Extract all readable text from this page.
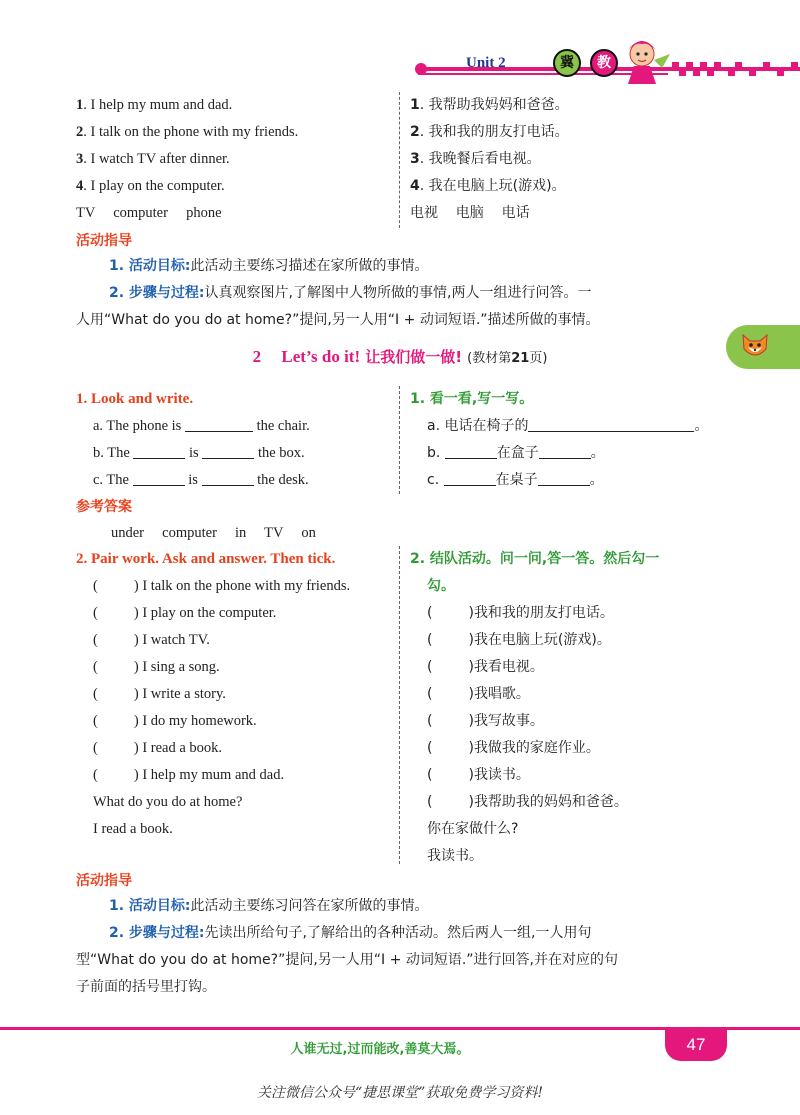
Unit 2	冀	教
1. I help my mum and dad.
2. I talk on the phone with my friends.
3. I watch TV after dinner.
4. I play on the computer.
TV     computer     phone
1. 我帮助我妈妈和爸爸。
2. 我和我的朋友打电话。
3. 我晚餐后看电视。
4. 我在电脑上玩(游戏)。
电视    电脑    电话
活动指导
1. 活动目标:此活动主要练习描述在家所做的事情。
2. 步骤与过程:认真观察图片,了解图中人物所做的事情,两人一组进行问答。一
人用“What do you do at home?”提问,另一人用“I + 动词短语.”描述所做的事情。
2 Let’s do it! 让我们做一做! (教材第21页)
1. Look and write.	1. 看一看,写一写。
a. The phone is	the chair.
b. The	is	the box.
c. The	is	the desk.
a. 电话在椅子的	。
b.	在盒子	。
c.	在桌子	。
参考答案
under     computer     in     TV     on
2. Pair work. Ask and answer. Then tick.	2. 结队活动。问一问,答一答。然后勾一
勾。
( ) I talk on the phone with my friends.
( ) I play on the computer.
( ) I watch TV.
( ) I sing a song.
( ) I write a story.
( ) I do my homework.
( ) I read a book.
( ) I help my mum and dad.
What do you do at home?
I read a book.
(	)我和我的朋友打电话。
(	)我在电脑上玩(游戏)。
(	)我看电视。
(	)我唱歌。
(	)我写故事。
(	)我做我的家庭作业。
(	)我读书。
(	)我帮助我的妈妈和爸爸。
你在家做什么?
我读书。
活动指导
1. 活动目标:此活动主要练习问答在家所做的事情。
2. 步骤与过程:先读出所给句子,了解给出的各种活动。然后两人一组,一人用句
型“What do you do at home?”提问,另一人用“I + 动词短语.”进行回答,并在对应的句
子前面的括号里打钩。
人谁无过,过而能改,善莫大焉。	47
关注微信公众号“捷思课堂”获取免费学习资料!
